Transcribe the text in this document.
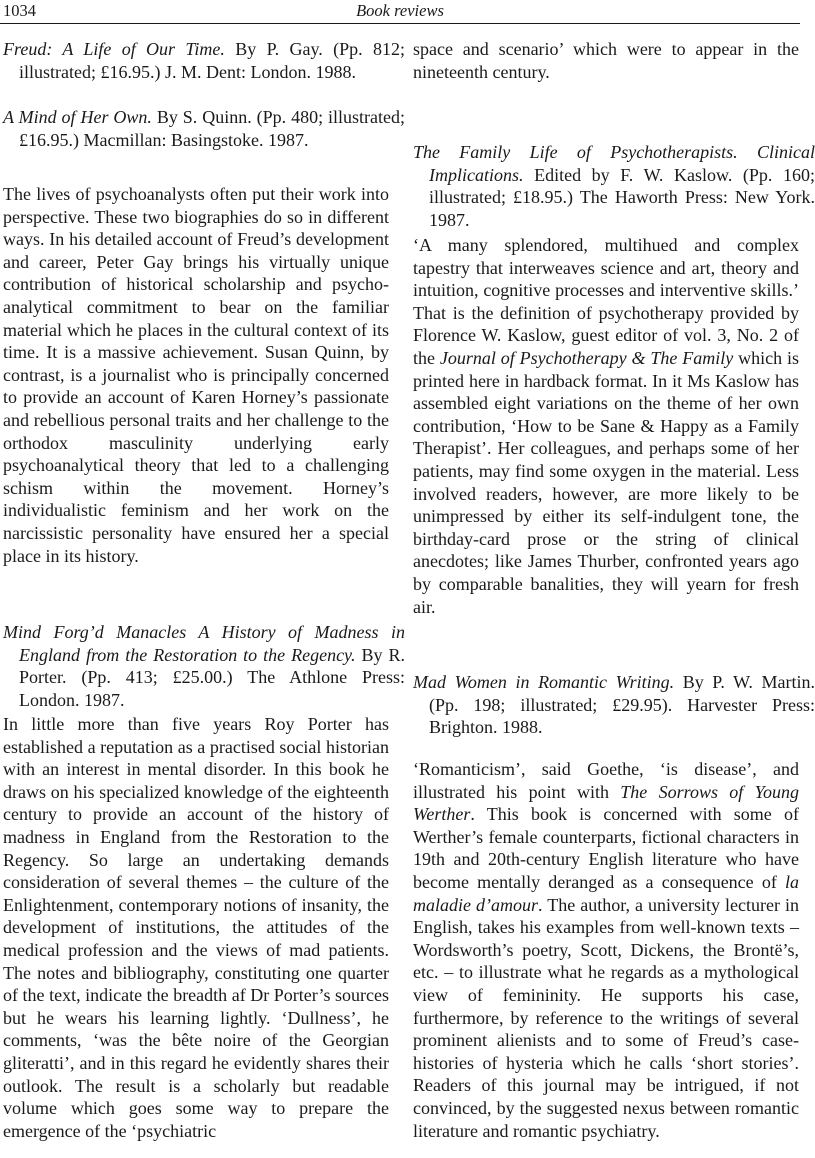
1034	Book reviews

Freud: A Life of Our Time. By P. Gay. (Pp. 812; illustrated; £16.95.) J. M. Dent: London. 1988.

A Mind of Her Own. By S. Quinn. (Pp. 480; illustrated; £16.95.) Macmillan: Basingstoke. 1987.

The lives of psychoanalysts often put their work into perspective. These two biographies do so in different ways. In his detailed account of Freud’s development and career, Peter Gay brings his virtually unique contribution of historical scholarship and psycho-analytical commitment to bear on the familiar material which he places in the cultural context of its time. It is a massive achievement. Susan Quinn, by contrast, is a journalist who is principally concerned to provide an account of Karen Horney’s passionate and rebellious personal traits and her challenge to the orthodox masculinity underlying early psychoanalytical theory that led to a challenging schism within the movement. Horney’s individualistic feminism and her work on the narcissistic personality have ensured her a special place in its history.

Mind Forg’d Manacles A History of Madness in England from the Restoration to the Regency. By R. Porter. (Pp. 413; £25.00.) The Athlone Press: London. 1987.

In little more than five years Roy Porter has established a reputation as a practised social historian with an interest in mental disorder. In this book he draws on his specialized knowledge of the eighteenth century to provide an account of the history of madness in England from the Restoration to the Regency. So large an undertaking demands consideration of several themes – the culture of the Enlightenment, contemporary notions of insanity, the development of institutions, the attitudes of the medical profession and the views of mad patients. The notes and bibliography, constituting one quarter of the text, indicate the breadth af Dr Porter’s sources but he wears his learning lightly. ‘Dullness’, he comments, ‘was the bête noire of the Georgian gliteratti’, and in this regard he evidently shares their outlook. The result is a scholarly but readable volume which goes some way to prepare the emergence of the ‘psychiatric

space and scenario’ which were to appear in the nineteenth century.

The Family Life of Psychotherapists. Clinical Implications. Edited by F. W. Kaslow. (Pp. 160; illustrated; £18.95.) The Haworth Press: New York. 1987.

‘A many splendored, multihued and complex tapestry that interweaves science and art, theory and intuition, cognitive processes and interventive skills.’ That is the definition of psychotherapy provided by Florence W. Kaslow, guest editor of vol. 3, No. 2 of the Journal of Psychotherapy & The Family which is printed here in hardback format. In it Ms Kaslow has assembled eight variations on the theme of her own contribution, ‘How to be Sane & Happy as a Family Therapist’. Her colleagues, and perhaps some of her patients, may find some oxygen in the material. Less involved readers, however, are more likely to be unimpressed by either its self-indulgent tone, the birthday-card prose or the string of clinical anecdotes; like James Thurber, confronted years ago by comparable banalities, they will yearn for fresh air.

Mad Women in Romantic Writing. By P. W. Martin. (Pp. 198; illustrated; £29.95). Harvester Press: Brighton. 1988.

‘Romanticism’, said Goethe, ‘is disease’, and illustrated his point with The Sorrows of Young Werther. This book is concerned with some of Werther’s female counterparts, fictional characters in 19th and 20th-century English literature who have become mentally deranged as a consequence of la maladie d’amour. The author, a university lecturer in English, takes his examples from well-known texts – Wordsworth’s poetry, Scott, Dickens, the Brontë’s, etc. – to illustrate what he regards as a mythological view of femininity. He supports his case, furthermore, by reference to the writings of several prominent alienists and to some of Freud’s case-histories of hysteria which he calls ‘short stories’. Readers of this journal may be intrigued, if not convinced, by the suggested nexus between romantic literature and romantic psychiatry.
